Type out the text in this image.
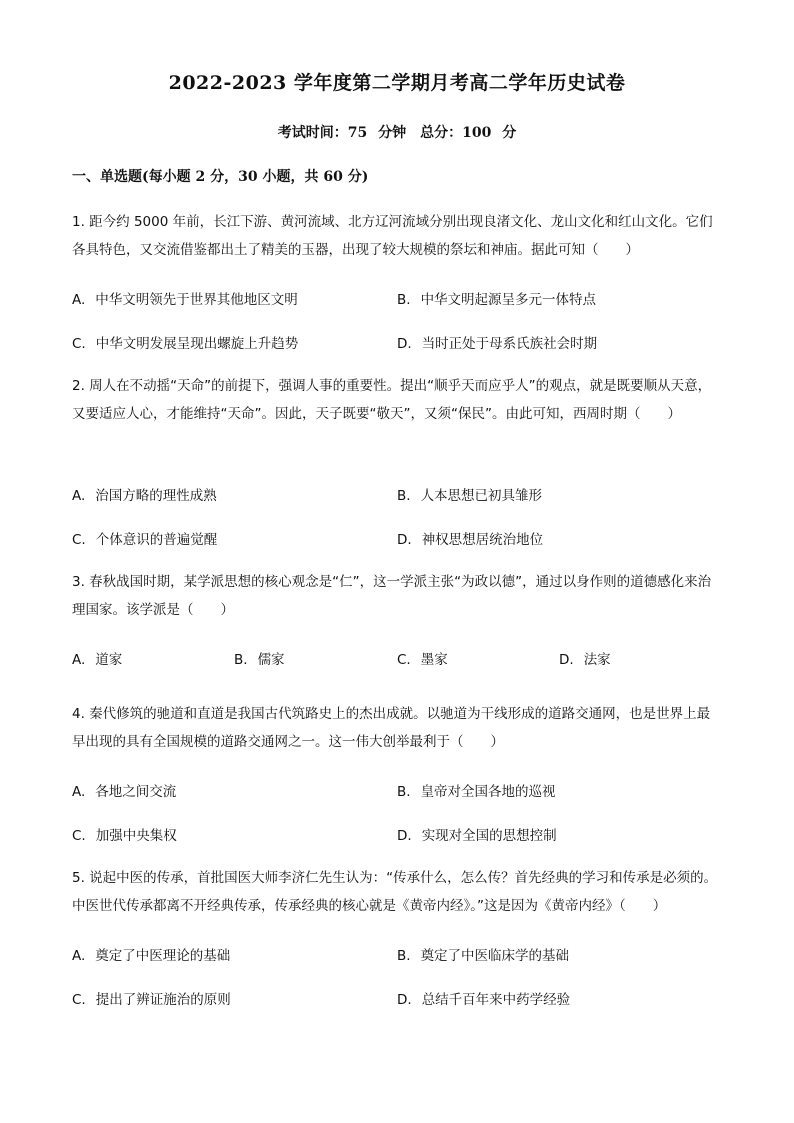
2022-2023 学年度第二学期月考高二学年历史试卷
考试时间：75 分钟　总分：100 分
一、单选题(每小题 2 分，30 小题，共 60 分)
1. 距今约 5000 年前，长江下游、黄河流域、北方辽河流域分别出现良渚文化、龙山文化和红山文化。它们各具特色，又交流借鉴都出土了精美的玉器，出现了较大规模的祭坛和神庙。据此可知（　　）
A. 中华文明领先于世界其他地区文明	B. 中华文明起源呈多元一体特点
C. 中华文明发展呈现出螺旋上升趋势	D. 当时正处于母系氏族社会时期
2. 周人在不动摇“天命”的前提下，强调人事的重要性。提出“顺乎天而应乎人”的观点，就是既要顺从天意，又要适应人心，才能维持“天命”。因此，天子既要“敬天”，又须“保民”。由此可知，西周时期（　　）
A. 治国方略的理性成熟	B. 人本思想已初具雏形
C. 个体意识的普遍觉醒	D. 神权思想居统治地位
3. 春秋战国时期，某学派思想的核心观念是“仁”，这一学派主张“为政以德”，通过以身作则的道德感化来治理国家。该学派是（　　）
A. 道家	B. 儒家	C. 墨家	D. 法家
4. 秦代修筑的驰道和直道是我国古代筑路史上的杰出成就。以驰道为干线形成的道路交通网，也是世界上最早出现的具有全国规模的道路交通网之一。这一伟大创举最利于（　　）
A. 各地之间交流	B. 皇帝对全国各地的巡视
C. 加强中央集权	D. 实现对全国的思想控制
5. 说起中医的传承，首批国医大师李济仁先生认为：“传承什么，怎么传？首先经典的学习和传承是必须的。中医世代传承都离不开经典传承，传承经典的核心就是《黄帝内经》。”这是因为《黄帝内经》（　　）
A. 奠定了中医理论的基础	B. 奠定了中医临床学的基础
C. 提出了辨证施治的原则	D. 总结千百年来中药学经验
